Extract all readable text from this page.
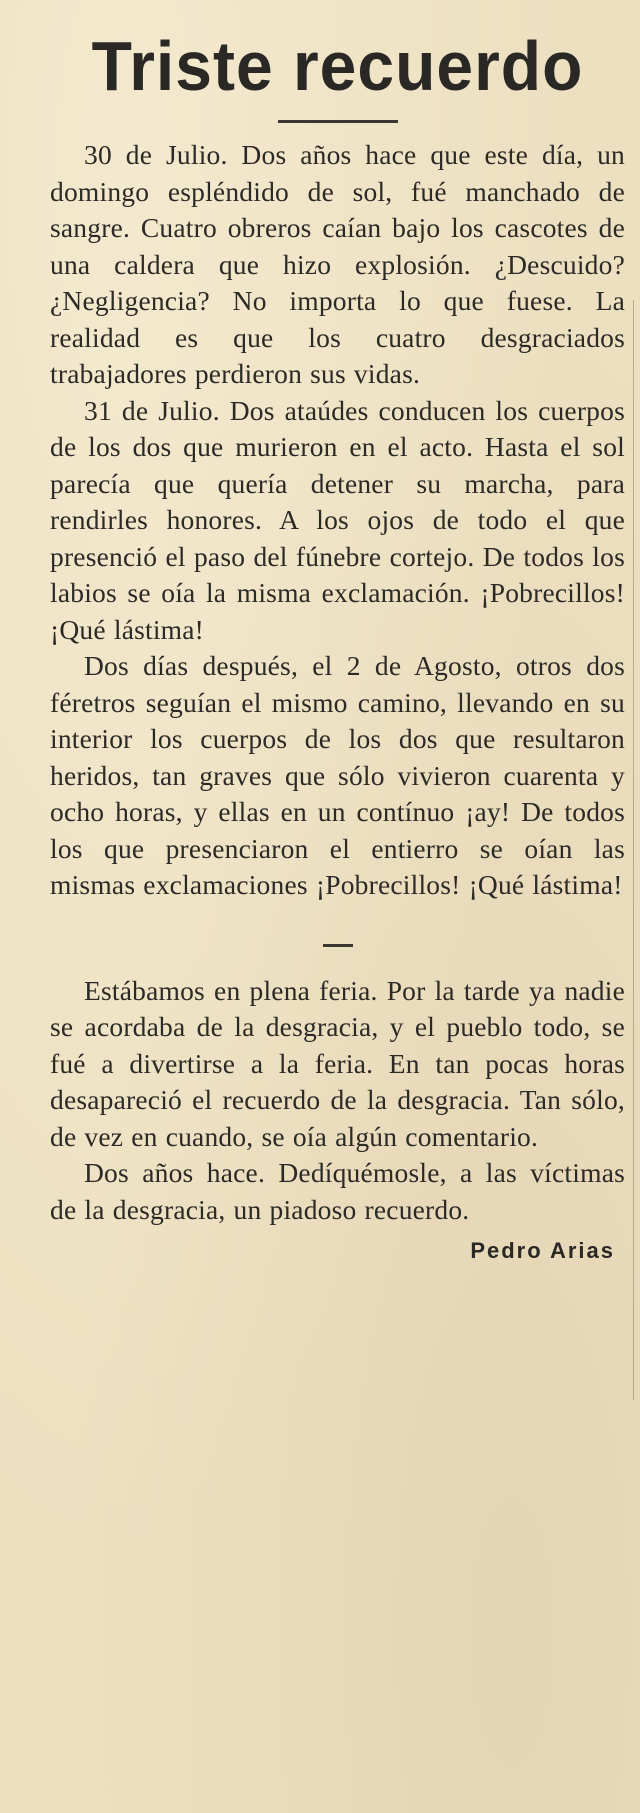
Triste recuerdo

30 de Julio. Dos años hace que este día, un domingo espléndido de sol, fué manchado de sangre. Cuatro obreros caían bajo los cascotes de una caldera que hizo explosión. ¿Descuido? ¿Negligencia? No importa lo que fuese. La realidad es que los cuatro desgraciados trabajadores perdieron sus vidas.

31 de Julio. Dos ataúdes conducen los cuerpos de los dos que murieron en el acto. Hasta el sol parecía que quería detener su marcha, para rendirles honores. A los ojos de todo el que presenció el paso del fúnebre cortejo. De todos los labios se oía la misma exclamación. ¡Pobrecillos! ¡Qué lástima!

Dos días después, el 2 de Agosto, otros dos féretros seguían el mismo camino, llevando en su interior los cuerpos de los dos que resultaron heridos, tan graves que sólo vivieron cuarenta y ocho horas, y ellas en un contínuo ¡ay! De todos los que presenciaron el entierro se oían las mismas exclamaciones ¡Pobrecillos! ¡Qué lástima!

Estábamos en plena feria. Por la tarde ya nadie se acordaba de la desgracia, y el pueblo todo, se fué a divertirse a la feria. En tan pocas horas desapareció el recuerdo de la desgracia. Tan sólo, de vez en cuando, se oía algún comentario.

Dos años hace. Dedíquémosle, a las víctimas de la desgracia, un piadoso recuerdo.

Pedro Arias
